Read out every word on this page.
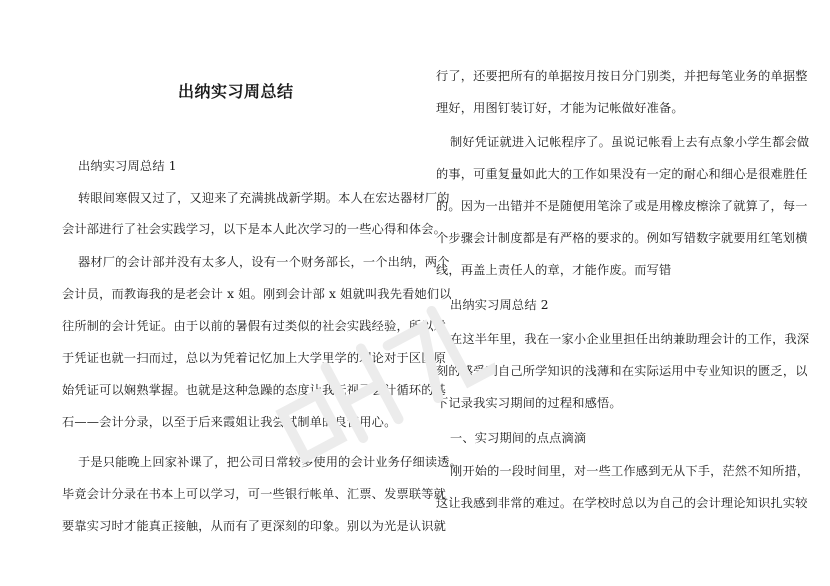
出纳实习周总结
出纳实习周总结 1
转眼间寒假又过了，又迎来了充满挑战新学期。本人在宏达器材厂的
会计部进行了社会实践学习，以下是本人此次学习的一些心得和体会。
器材厂的会计部并没有太多人，设有一个财务部长，一个出纳，两个
会计员，而教诲我的是老会计 x 姐。刚到会计部 x 姐就叫我先看她们以
往所制的会计凭证。由于以前的暑假有过类似的社会实践经验，所以对
于凭证也就一扫而过，总以为凭着记忆加上大学里学的理论对于区区原
始凭证可以娴熟掌握。也就是这种急躁的态度让我无视了会计循环的基
石——会计分录，以至于后来霞姐让我尝试制单的良苦用心。
于是只能晚上回家补课了，把公司日常较多使用的会计业务仔细读透。
毕竟会计分录在书本上可以学习，可一些银行帐单、汇票、发票联等就
要靠实习时才能真正接触，从而有了更深刻的印象。别以为光是认识就
行了，还要把所有的单据按月按日分门别类，并把每笔业务的单据整
理好，用图钉装订好，才能为记帐做好准备。
制好凭证就进入记帐程序了。虽说记帐看上去有点象小学生都会做
的事，可重复量如此大的工作如果没有一定的耐心和细心是很难胜任
的。因为一出错并不是随便用笔涂了或是用橡皮檫涂了就算了，每一
个步骤会计制度都是有严格的要求的。例如写错数字就要用红笔划横
线，再盖上责任人的章，才能作废。而写错
出纳实习周总结 2
在这半年里，我在一家小企业里担任出纳兼助理会计的工作，我深
刻的感受到自己所学知识的浅薄和在实际运用中专业知识的匮乏，以
下记录我实习期间的过程和感悟。
一、实习期间的点点滴滴
刚开始的一段时间里，对一些工作感到无从下手，茫然不知所措，
这让我感到非常的难过。在学校时总以为自己的会计理论知识扎实较
